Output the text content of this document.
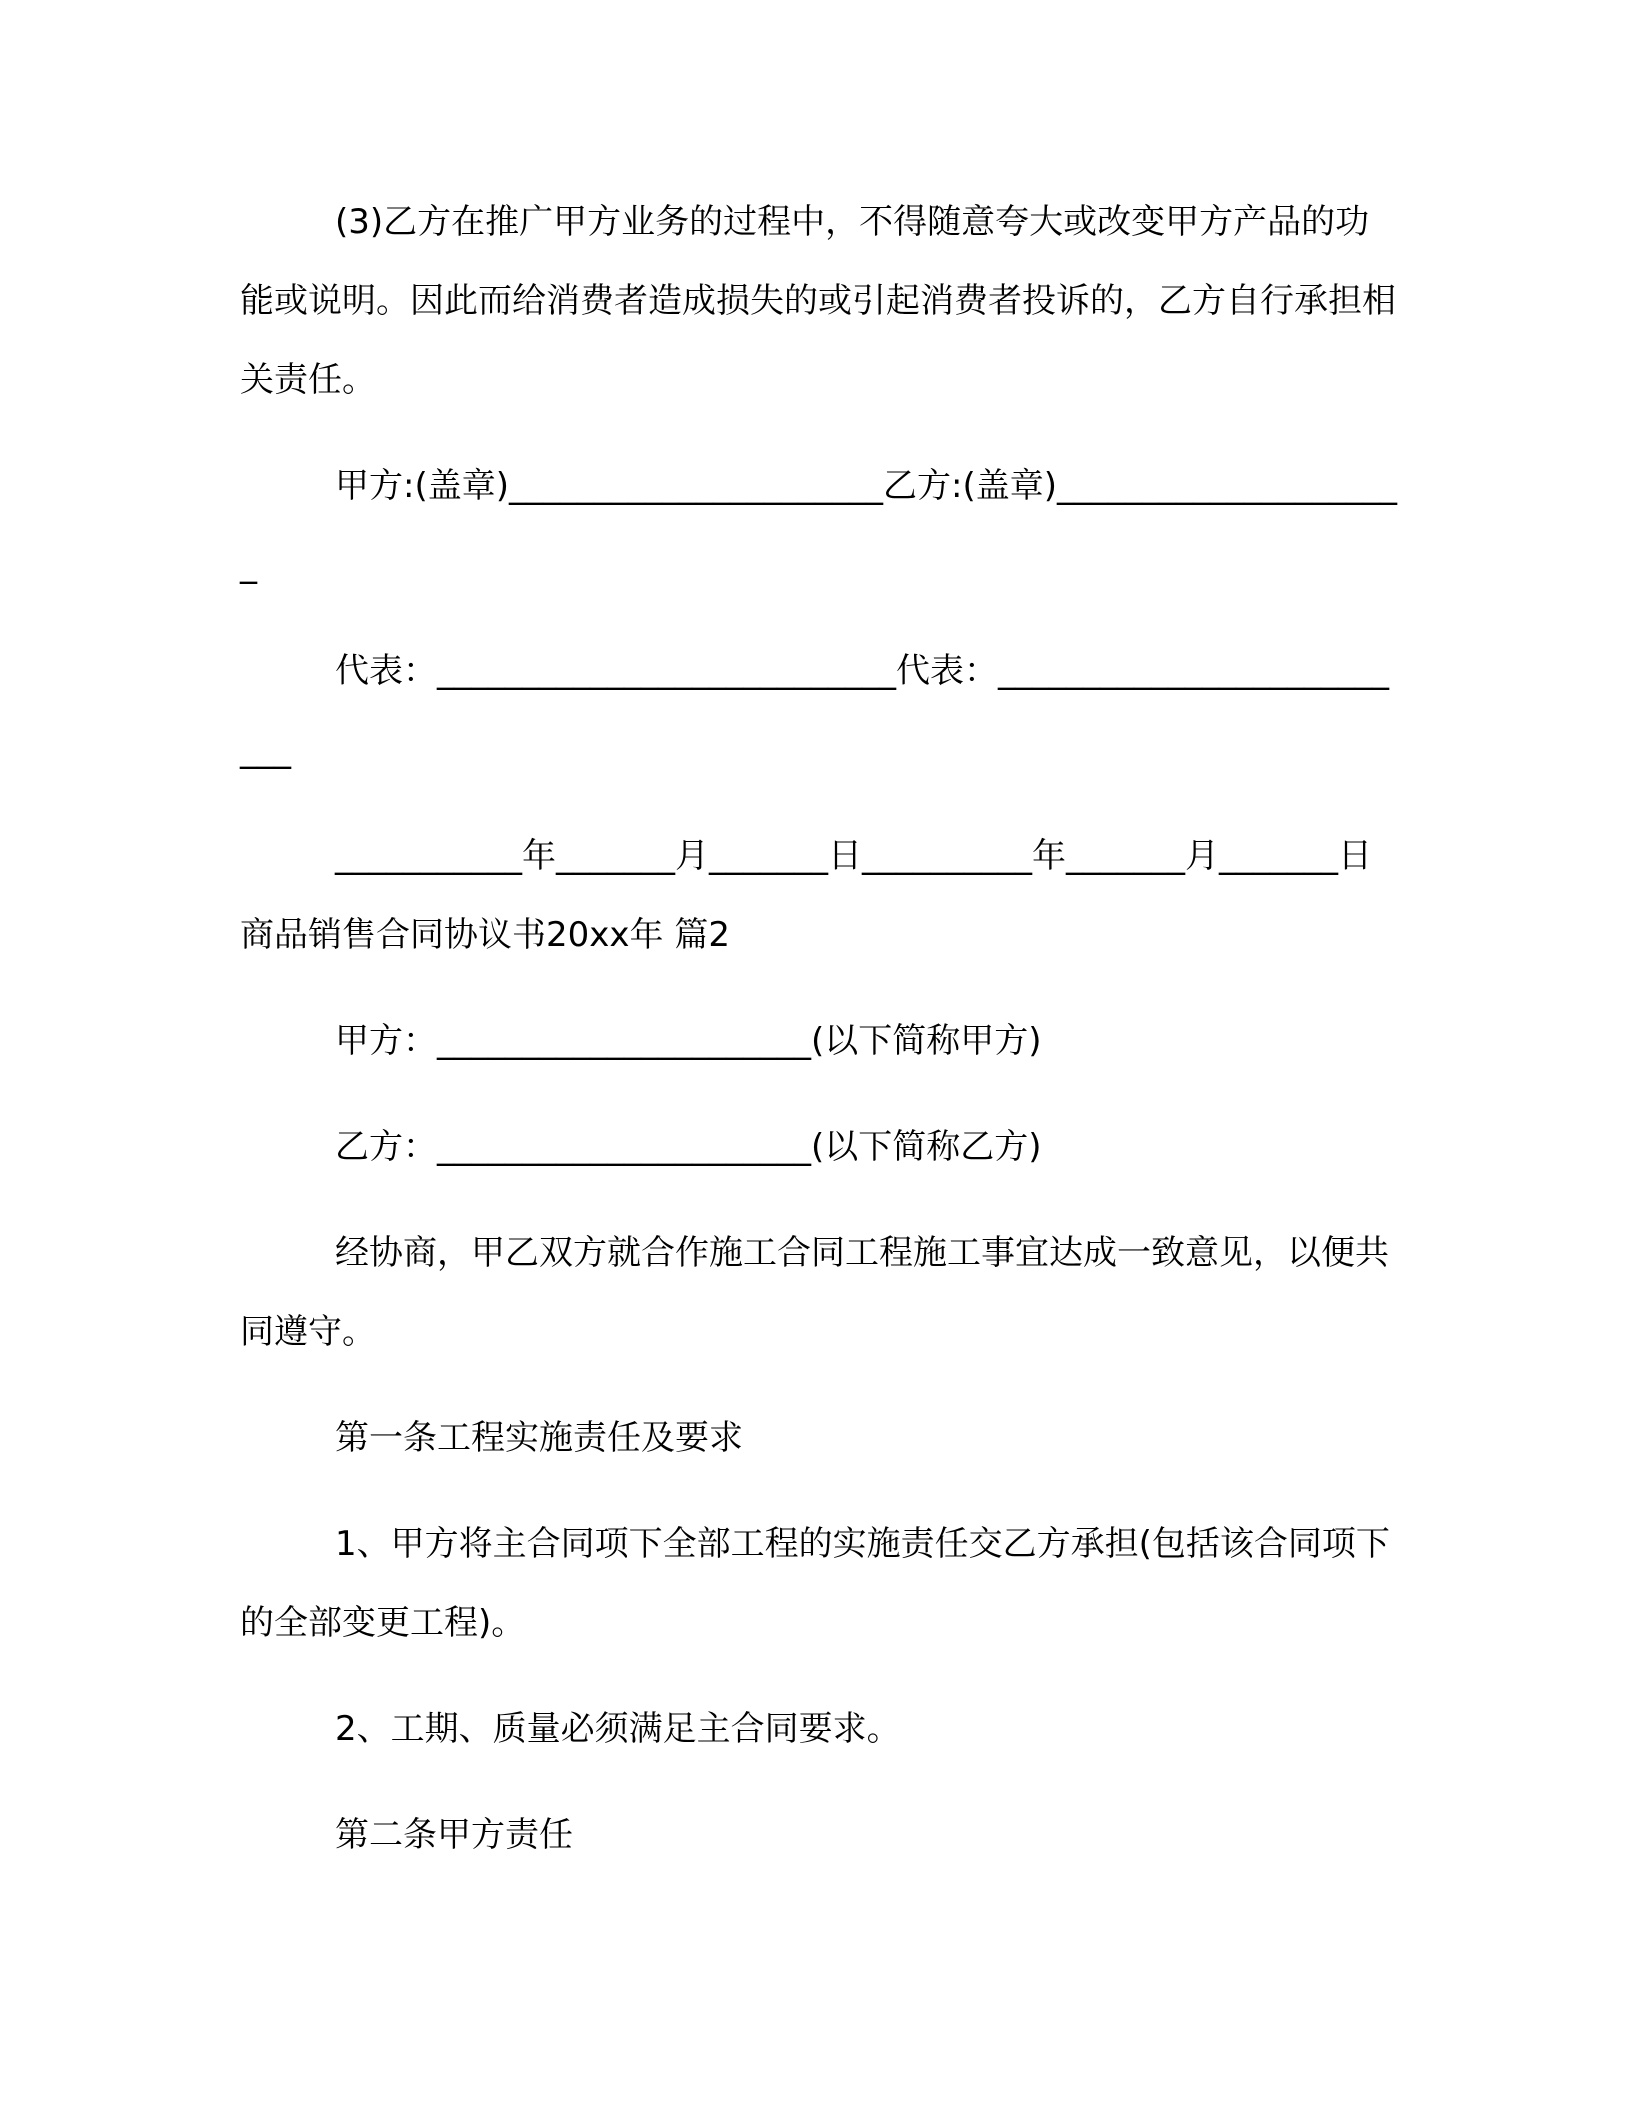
(3)乙方在推广甲方业务的过程中，不得随意夸大或改变甲方产品的功能或说明。因此而给消费者造成损失的或引起消费者投诉的，乙方自行承担相关责任。

甲方:(盖章)______________________乙方:(盖章)_____________________

代表：___________________________代表：__________________________

___________年_______月_______日__________年_______月_______日商品销售合同协议书20xx年 篇2

甲方：______________________(以下简称甲方)

乙方：______________________(以下简称乙方)

经协商，甲乙双方就合作施工合同工程施工事宜达成一致意见，以便共同遵守。

第一条工程实施责任及要求

1、甲方将主合同项下全部工程的实施责任交乙方承担(包括该合同项下的全部变更工程)。

2、工期、质量必须满足主合同要求。

第二条甲方责任
